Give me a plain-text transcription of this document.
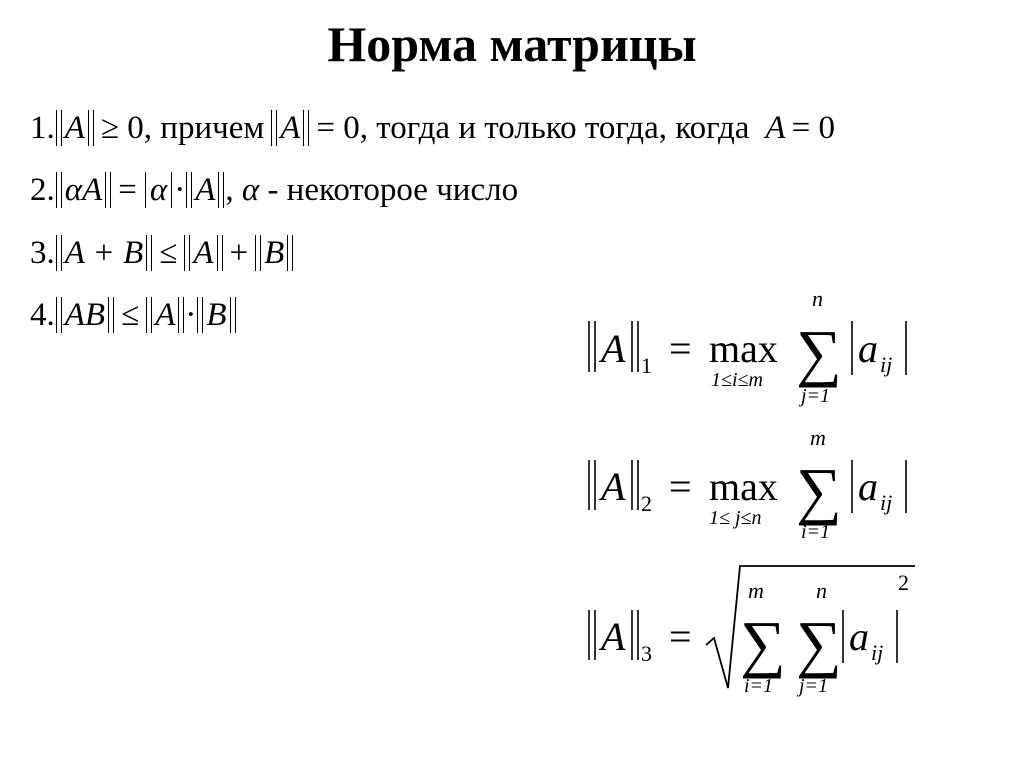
Норма матрицы
1. A ≥ 0, причем A = 0, тогда и только тогда, когда A = 0
2. αA = α · A , α - некоторое число
3. A + B ≤ A + B
4. AB ≤ A · B
A 1 = max
1≤i≤m
n
∑
j=1
a ij
A 2 = max
1≤ j≤n
m
∑
i=1
a ij
A 3 =
m
∑
i=1
n
∑
j=1
a ij
2
